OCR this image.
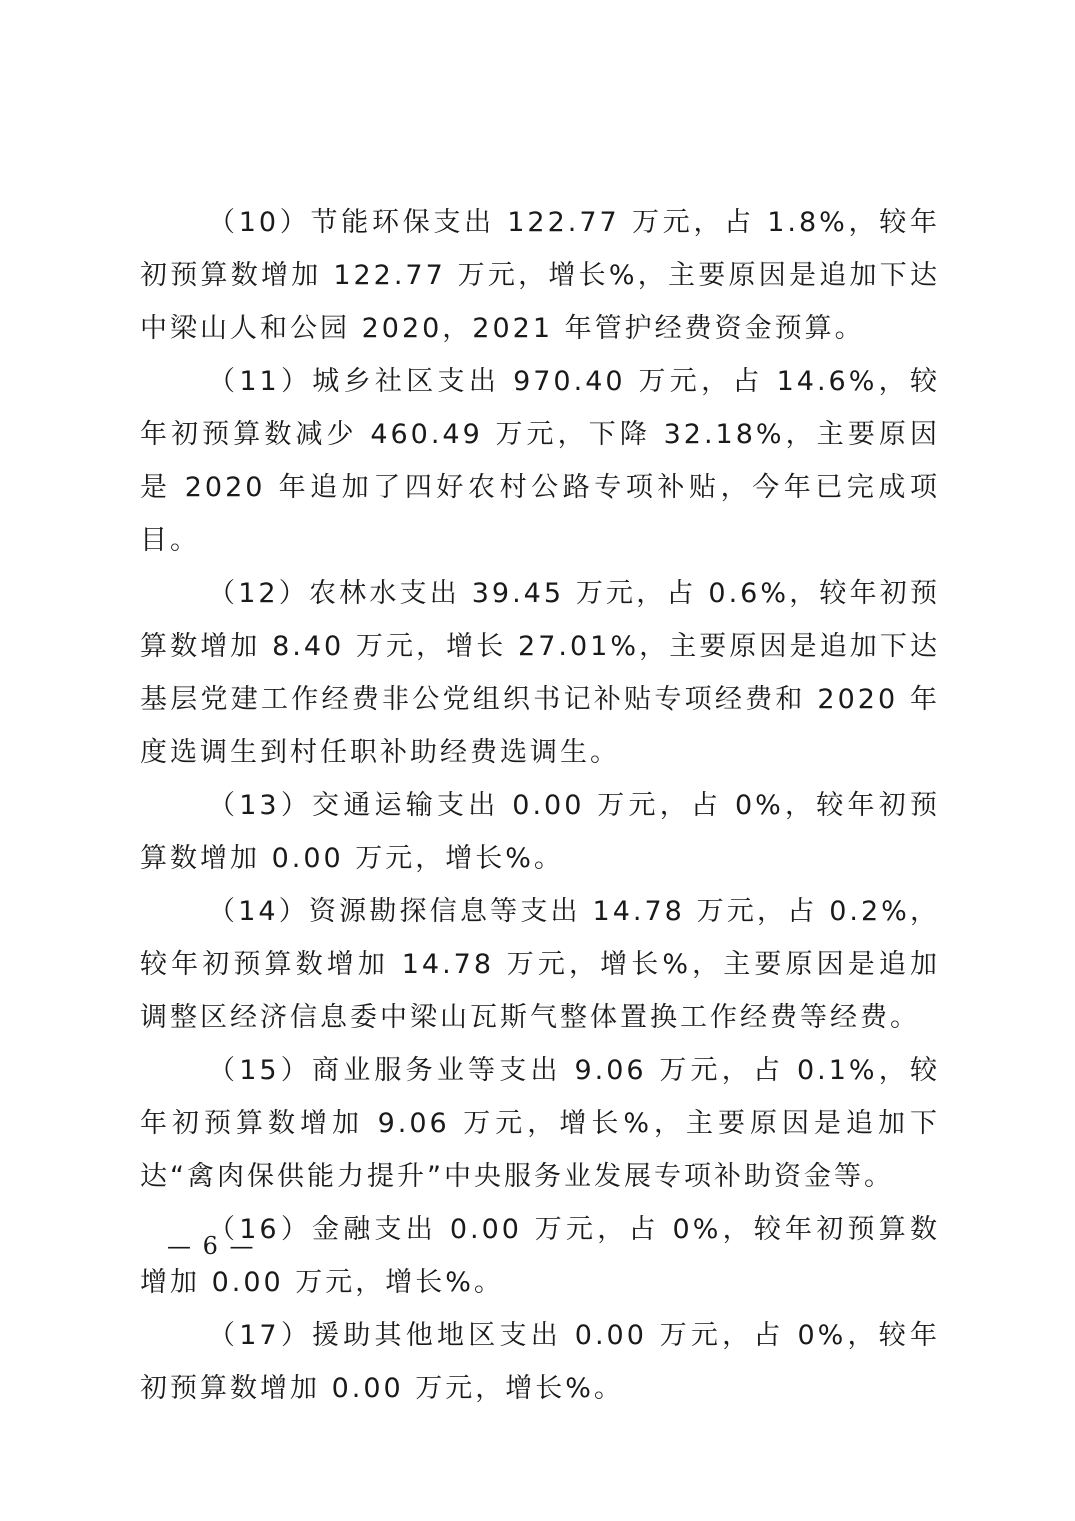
（10）节能环保支出 122.77 万元，占 1.8%，较年初预算数增加 122.77 万元，增长%，主要原因是追加下达中梁山人和公园 2020，2021 年管护经费资金预算。

（11）城乡社区支出 970.40 万元，占 14.6%，较年初预算数减少 460.49 万元，下降 32.18%，主要原因是 2020 年追加了四好农村公路专项补贴，今年已完成项目。

（12）农林水支出 39.45 万元，占 0.6%，较年初预算数增加 8.40 万元，增长 27.01%，主要原因是追加下达基层党建工作经费非公党组织书记补贴专项经费和 2020 年度选调生到村任职补助经费选调生。

（13）交通运输支出 0.00 万元，占 0%，较年初预算数增加 0.00 万元，增长%。

（14）资源勘探信息等支出 14.78 万元，占 0.2%，较年初预算数增加 14.78 万元，增长%，主要原因是追加调整区经济信息委中梁山瓦斯气整体置换工作经费等经费。

（15）商业服务业等支出 9.06 万元，占 0.1%，较年初预算数增加 9.06 万元，增长%，主要原因是追加下达“禽肉保供能力提升”中央服务业发展专项补助资金等。

（16）金融支出 0.00 万元，占 0%，较年初预算数增加 0.00 万元，增长%。

（17）援助其他地区支出 0.00 万元，占 0%，较年初预算数增加 0.00 万元，增长%。

— 6 —
